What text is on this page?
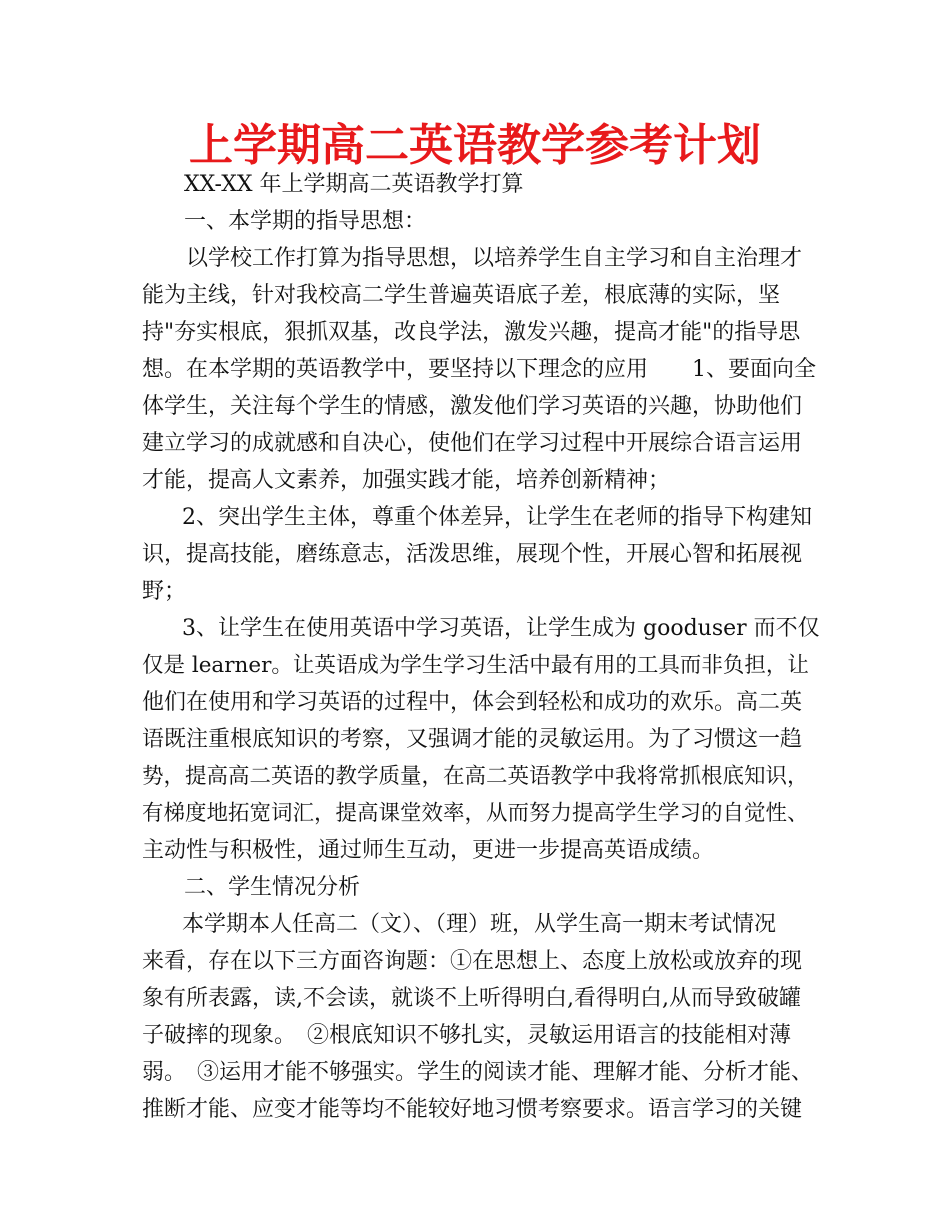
上学期高二英语教学参考计划
XX-XX 年上学期高二英语教学打算
一、本学期的指导思想：
以学校工作打算为指导思想，以培养学生自主学习和自主治理才
能为主线，针对我校高二学生普遍英语底子差，根底薄的实际，坚
持"夯实根底，狠抓双基，改良学法，激发兴趣，提高才能"的指导思
想。在本学期的英语教学中，要坚持以下理念的应用　　1、要面向全
体学生，关注每个学生的情感，激发他们学习英语的兴趣，协助他们
建立学习的成就感和自决心，使他们在学习过程中开展综合语言运用
才能，提高人文素养，加强实践才能，培养创新精神；
2、突出学生主体，尊重个体差异，让学生在老师的指导下构建知
识，提高技能，磨练意志，活泼思维，展现个性，开展心智和拓展视
野；
3、让学生在使用英语中学习英语，让学生成为 gooduser 而不仅
仅是 learner。让英语成为学生学习生活中最有用的工具而非负担，让
他们在使用和学习英语的过程中，体会到轻松和成功的欢乐。高二英
语既注重根底知识的考察，又强调才能的灵敏运用。为了习惯这一趋
势，提高高二英语的教学质量，在高二英语教学中我将常抓根底知识，
有梯度地拓宽词汇，提高课堂效率，从而努力提高学生学习的自觉性、
主动性与积极性，通过师生互动，更进一步提高英语成绩。
二、学生情况分析
本学期本人任高二（文）、（理）班，从学生高一期末考试情况
来看，存在以下三方面咨询题：①在思想上、态度上放松或放弃的现
象有所表露，读,不会读，就谈不上听得明白,看得明白,从而导致破罐
子破摔的现象。　②根底知识不够扎实，灵敏运用语言的技能相对薄
弱。　③运用才能不够强实。学生的阅读才能、理解才能、分析才能、
推断才能、应变才能等均不能较好地习惯考察要求。语言学习的关键
